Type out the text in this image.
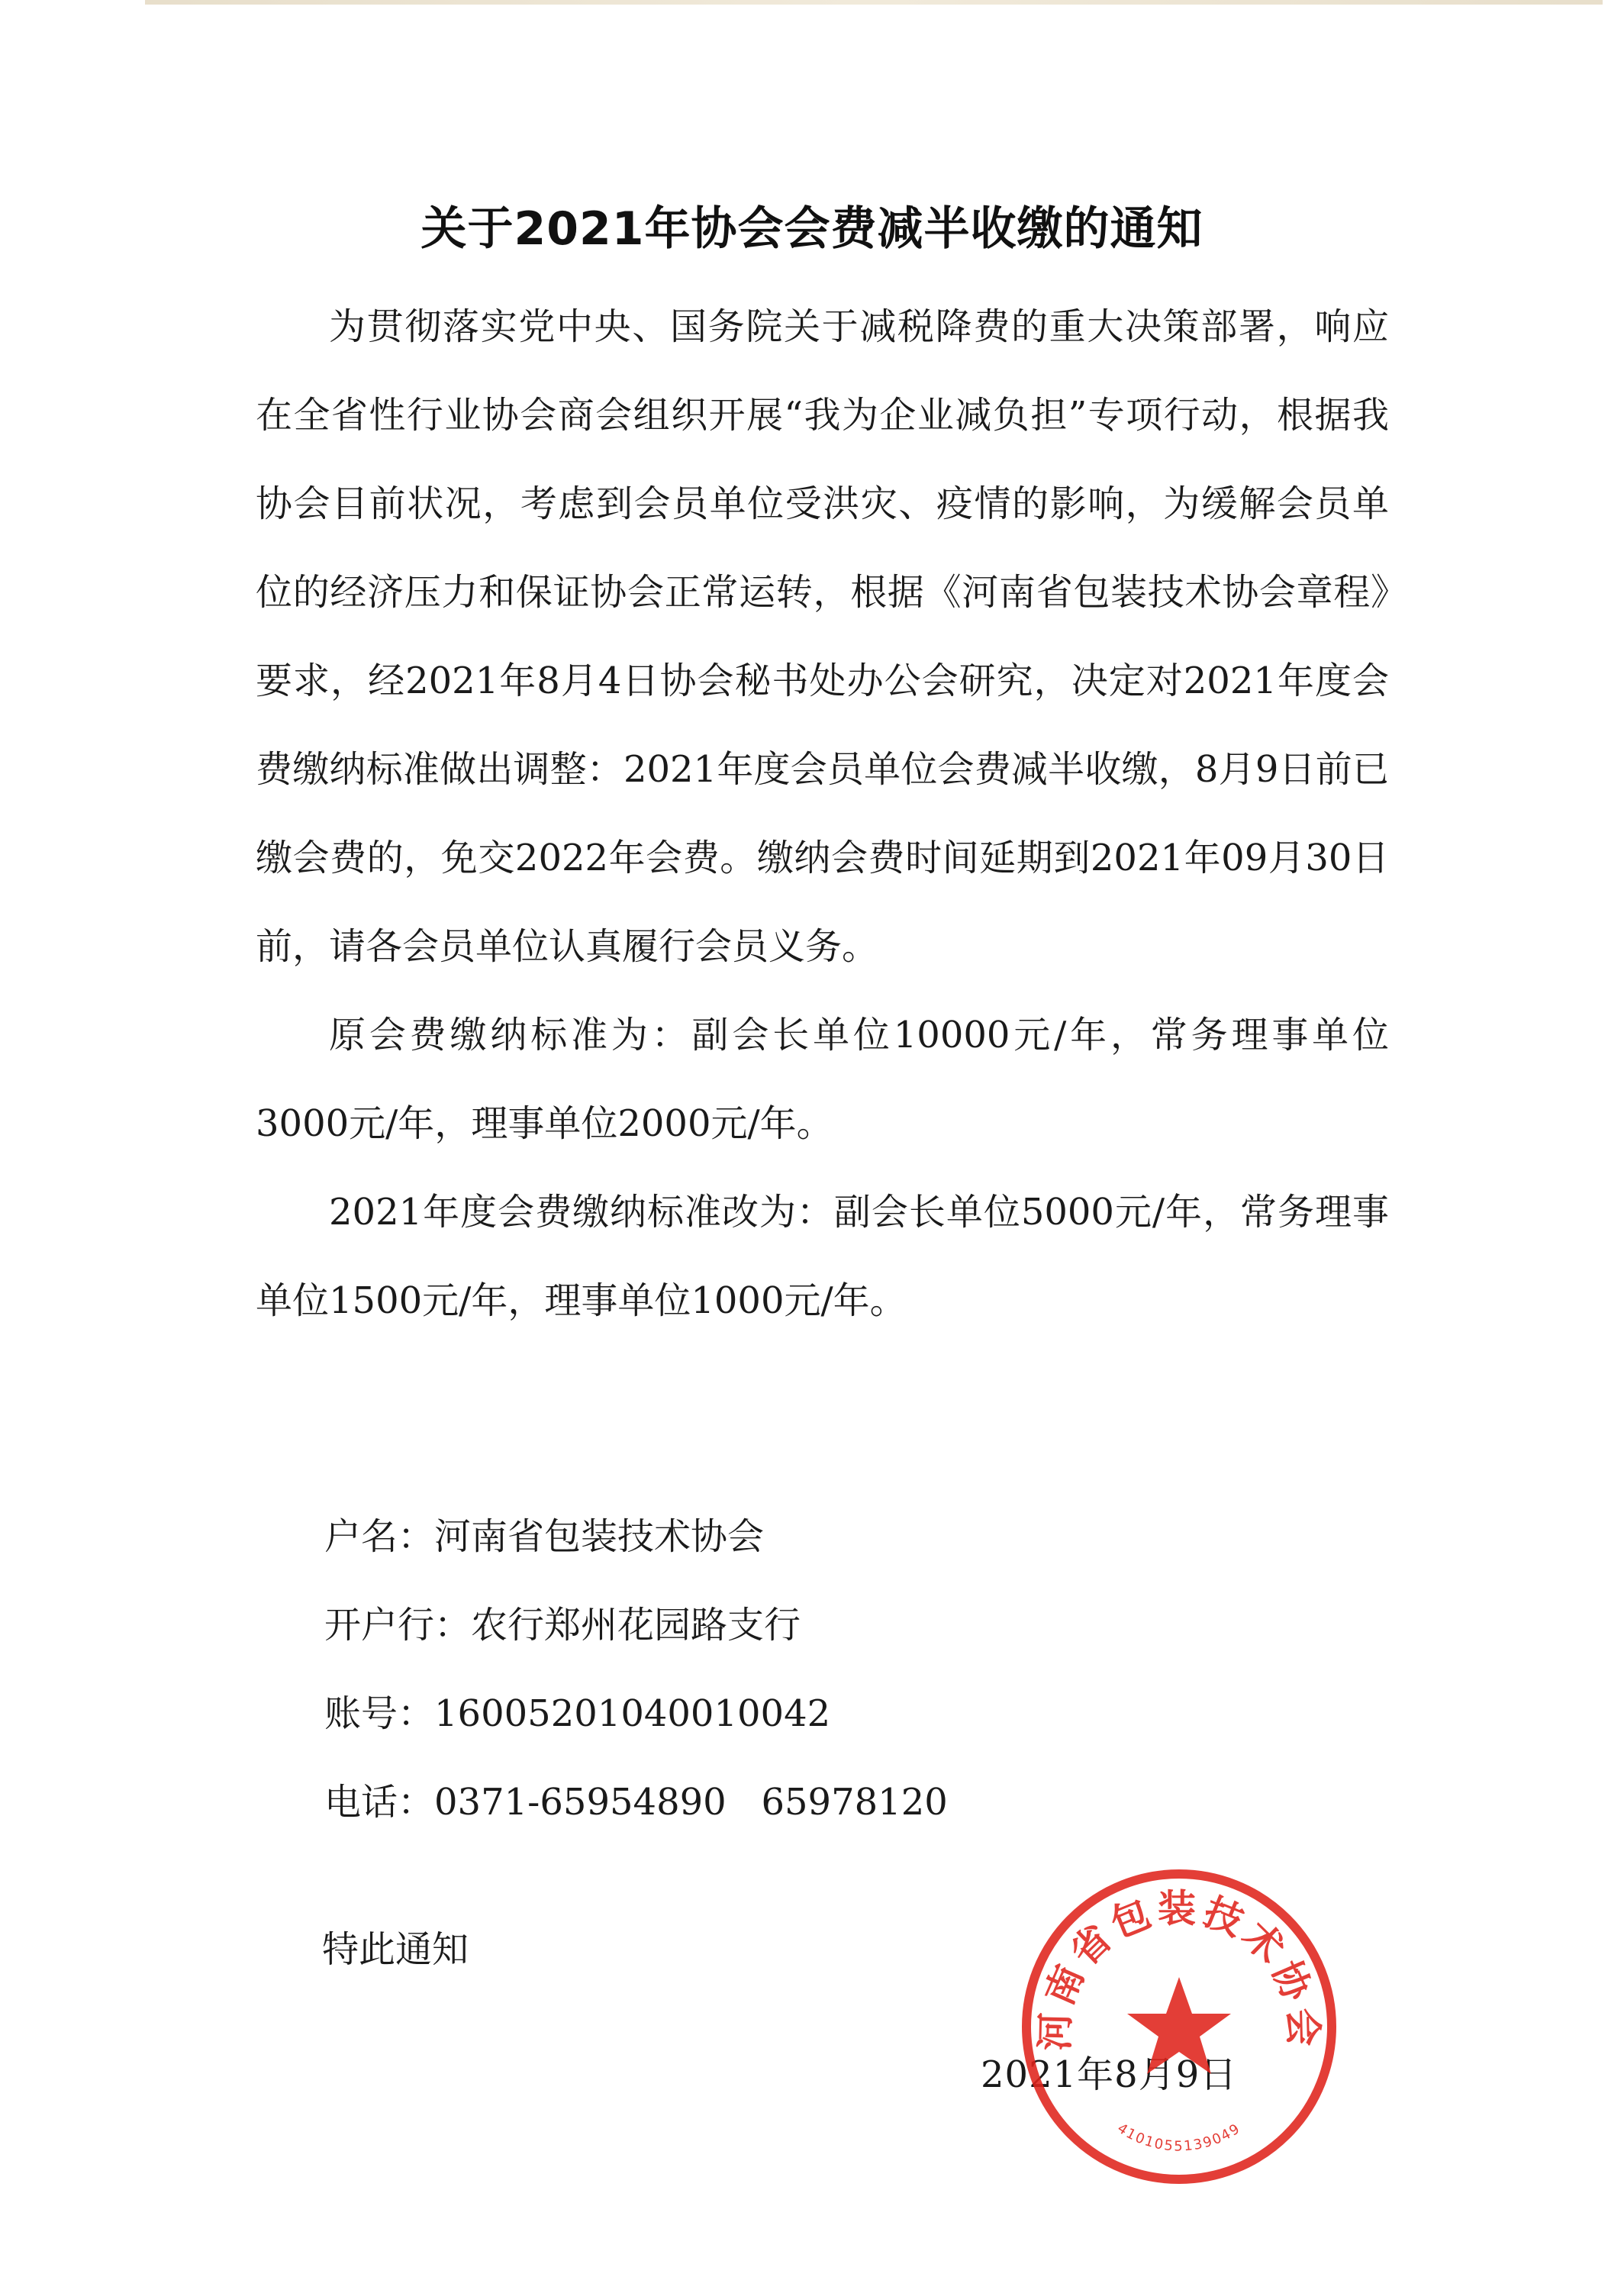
关于2021年协会会费减半收缴的通知

为贯彻落实党中央、国务院关于减税降费的重大决策部署，响应在全省性行业协会商会组织开展“我为企业减负担”专项行动，根据我协会目前状况，考虑到会员单位受洪灾、疫情的影响，为缓解会员单位的经济压力和保证协会正常运转，根据《河南省包装技术协会章程》要求，经2021年8月4日协会秘书处办公会研究，决定对2021年度会费缴纳标准做出调整：2021年度会员单位会费减半收缴，8月9日前已缴会费的，免交2022年会费。缴纳会费时间延期到2021年09月30日前，请各会员单位认真履行会员义务。

原会费缴纳标准为：副会长单位10000元/年，常务理事单位3000元/年，理事单位2000元/年。

2021年度会费缴纳标准改为：副会长单位5000元/年，常务理事单位1500元/年，理事单位1000元/年。

户名：河南省包装技术协会
开户行：农行郑州花园路支行
账号：16005201040010042
电话：0371-65954890   65978120
特此通知
2021年8月9日
河南省包装技术协会
4101055139049
